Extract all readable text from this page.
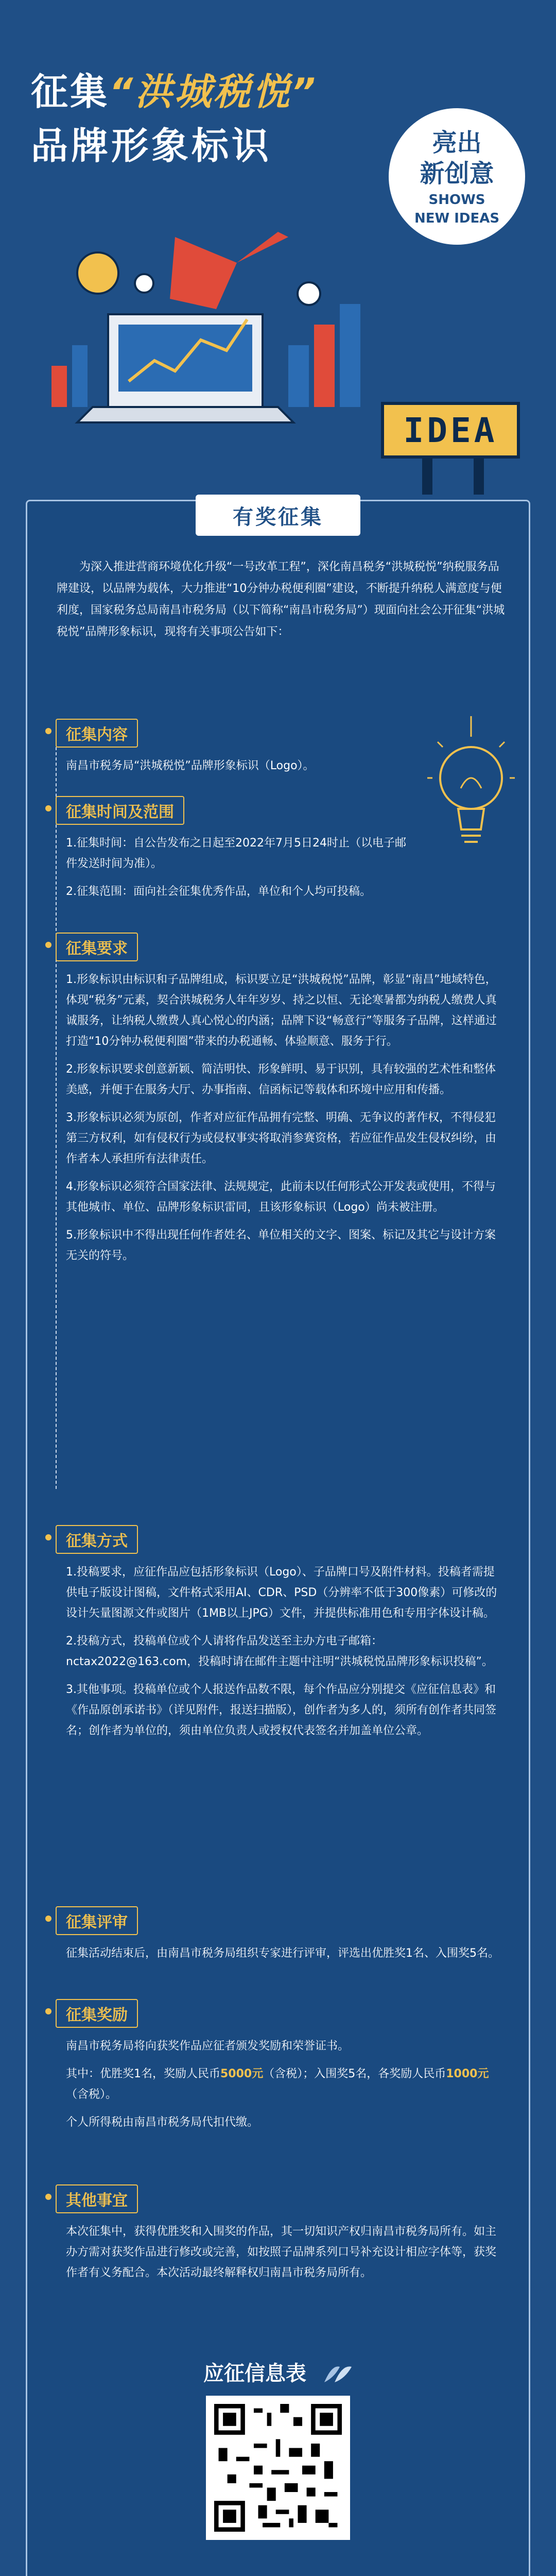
征集“洪城税悦”
品牌形象标识	亮出
新创意
SHOWS
NEW IDEAS
IDEA
有奖征集
为深入推进营商环境优化升级“一号改革工程”，深化南昌税务“洪城税悦”纳税服务品牌建设，以品牌为载体，大力推进“10分钟办税便利圈”建设，不断提升纳税人满意度与便利度，国家税务总局南昌市税务局（以下简称“南昌市税务局”）现面向社会公开征集“洪城税悦”品牌形象标识，现将有关事项公告如下：
征集内容
南昌市税务局“洪城税悦”品牌形象标识（Logo）。
征集时间及范围

1.征集时间：自公告发布之日起至2022年7月5日24时止（以电子邮件发送时间为准）。

2.征集范围：面向社会征集优秀作品，单位和个人均可投稿。

征集要求

1.形象标识由标识和子品牌组成，标识要立足“洪城税悦”品牌，彰显“南昌”地域特色，体现“税务”元素，契合洪城税务人年年岁岁、持之以恒、无论寒暑都为纳税人缴费人真诚服务，让纳税人缴费人真心悦心的内涵；品牌下设“畅意行”等服务子品牌，这样通过打造“10分钟办税便利圈”带来的办税通畅、体验顺意、服务于行。

2.形象标识要求创意新颖、简洁明快、形象鲜明、易于识别，具有较强的艺术性和整体美感，并便于在服务大厅、办事指南、信函标记等载体和环境中应用和传播。

3.形象标识必须为原创，作者对应征作品拥有完整、明确、无争议的著作权，不得侵犯第三方权利，如有侵权行为或侵权事实将取消参赛资格，若应征作品发生侵权纠纷，由作者本人承担所有法律责任。

4.形象标识必须符合国家法律、法规规定，此前未以任何形式公开发表或使用，不得与其他城市、单位、品牌形象标识雷同，且该形象标识（Logo）尚未被注册。

5.形象标识中不得出现任何作者姓名、单位相关的文字、图案、标记及其它与设计方案无关的符号。

征集方式

1.投稿要求，应征作品应包括形象标识（Logo）、子品牌口号及附件材料。投稿者需提供电子版设计图稿，文件格式采用AI、CDR、PSD（分辨率不低于300像素）可修改的设计矢量图源文件或图片（1MB以上JPG）文件，并提供标准用色和专用字体设计稿。

2.投稿方式，投稿单位或个人请将作品发送至主办方电子邮箱：nctax2022@163.com，投稿时请在邮件主题中注明“洪城税悦品牌形象标识投稿”。

3.其他事项。投稿单位或个人报送作品数不限，每个作品应分别提交《应征信息表》和《作品原创承诺书》（详见附件，报送扫描版），创作者为多人的，须所有创作者共同签名；创作者为单位的，须由单位负责人或授权代表签名并加盖单位公章。

征集评审
征集活动结束后，由南昌市税务局组织专家进行评审，评选出优胜奖1名、入围奖5名。
征集奖励

南昌市税务局将向获奖作品应征者颁发奖励和荣誉证书。

其中：优胜奖1名，奖励人民币5000元（含税）；入围奖5名，各奖励人民币1000元（含税）。

个人所得税由南昌市税务局代扣代缴。

其他事宜
本次征集中，获得优胜奖和入围奖的作品，其一切知识产权归南昌市税务局所有。如主办方需对获奖作品进行修改或完善，如按照子品牌系列口号补充设计相应字体等，获奖作者有义务配合。本次活动最终解释权归南昌市税务局所有。
应征信息表
